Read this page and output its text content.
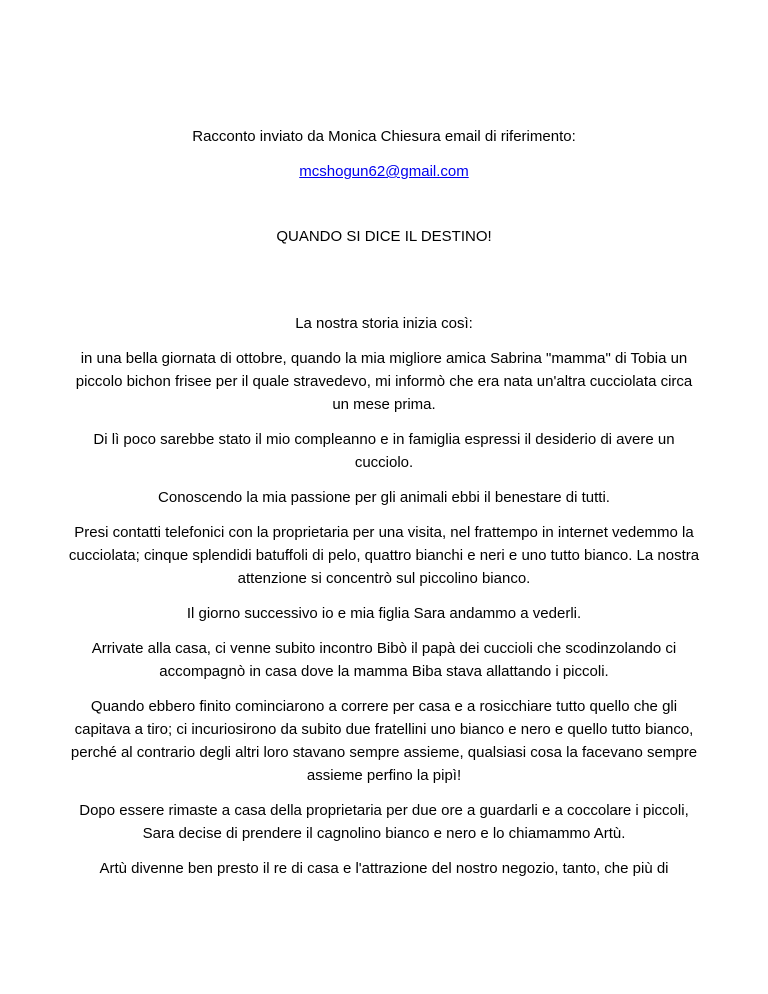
Racconto inviato da Monica Chiesura email di riferimento:

mcshogun62@gmail.com

QUANDO SI DICE IL DESTINO!

La nostra storia inizia così:

in una bella giornata di ottobre, quando la mia migliore amica Sabrina "mamma" di Tobia un piccolo bichon frisee per il quale stravedevo, mi informò che era nata un'altra cucciolata circa un mese prima.

Di lì poco sarebbe stato il mio compleanno e in famiglia espressi il desiderio di avere un cucciolo.

Conoscendo la mia passione per gli animali ebbi il benestare di tutti.

Presi contatti telefonici con la proprietaria per una visita, nel frattempo in internet vedemmo la cucciolata; cinque splendidi batuffoli di pelo, quattro bianchi e neri e uno tutto bianco. La nostra attenzione si concentrò sul piccolino bianco.

Il giorno successivo io e mia figlia Sara andammo a vederli.

Arrivate alla casa, ci venne subito incontro Bibò il papà dei cuccioli che scodinzolando ci accompagnò in casa dove la mamma Biba stava allattando i piccoli.

Quando ebbero finito cominciarono a correre per casa e a rosicchiare tutto quello che gli capitava a tiro; ci incuriosirono da subito due fratellini uno bianco e nero e quello tutto bianco, perché al contrario degli altri loro stavano sempre assieme, qualsiasi cosa la facevano sempre assieme perfino la pipì!

Dopo essere rimaste a casa della proprietaria per due ore a guardarli e a coccolare i piccoli, Sara decise di prendere il cagnolino bianco e nero e lo chiamammo Artù.

Artù divenne ben presto il re di casa e l'attrazione del nostro negozio, tanto, che più di
